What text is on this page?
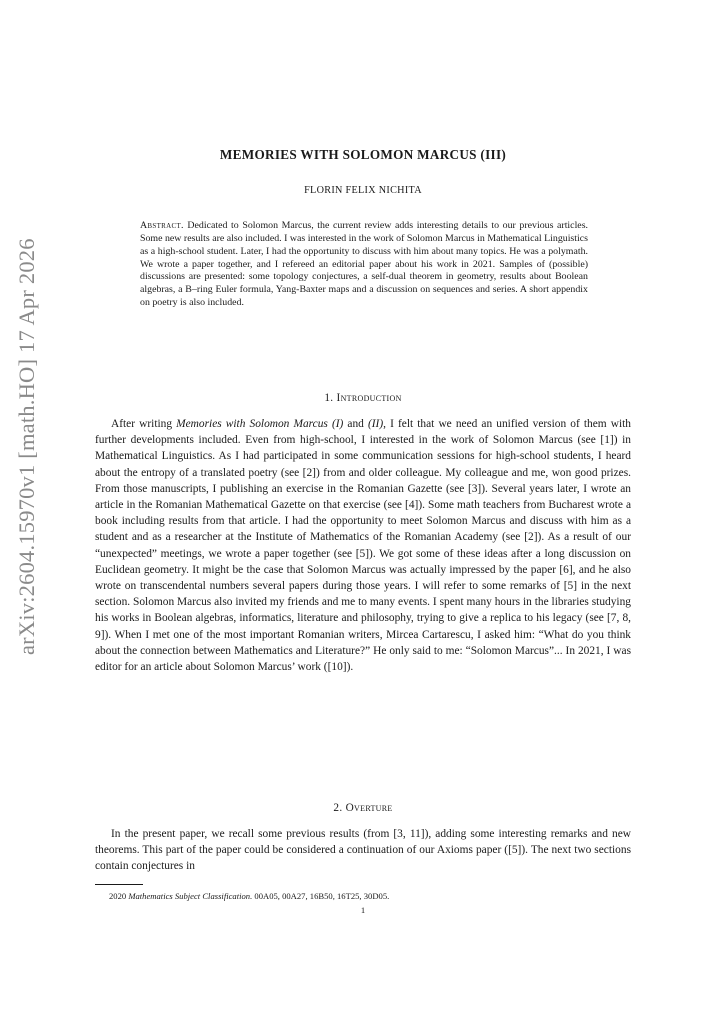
arXiv:2604.15970v1 [math.HO] 17 Apr 2026
MEMORIES WITH SOLOMON MARCUS (III)
FLORIN FELIX NICHITA
Abstract. Dedicated to Solomon Marcus, the current review adds interesting details to our previous articles. Some new results are also included. I was interested in the work of Solomon Marcus in Mathematical Linguistics as a high-school student. Later, I had the opportunity to discuss with him about many topics. He was a polymath. We wrote a paper together, and I refereed an editorial paper about his work in 2021. Samples of (possible) discussions are presented: some topology conjectures, a self-dual theorem in geometry, results about Boolean algebras, a B–ring Euler formula, Yang-Baxter maps and a discussion on sequences and series. A short appendix on poetry is also included.
1. Introduction

After writing Memories with Solomon Marcus (I) and (II), I felt that we need an unified version of them with further developments included. Even from high-school, I interested in the work of Solomon Marcus (see [1]) in Mathematical Linguistics. As I had participated in some communication sessions for high-school students, I heard about the entropy of a translated poetry (see [2]) from and older colleague. My colleague and me, won good prizes. From those manuscripts, I publishing an exercise in the Romanian Gazette (see [3]). Several years later, I wrote an article in the Romanian Mathematical Gazette on that exercise (see [4]). Some math teachers from Bucharest wrote a book including results from that article. I had the opportunity to meet Solomon Marcus and discuss with him as a student and as a researcher at the Institute of Mathematics of the Romanian Academy (see [2]). As a result of our “unexpected” meetings, we wrote a paper together (see [5]). We got some of these ideas after a long discussion on Euclidean geometry. It might be the case that Solomon Marcus was actually impressed by the paper [6], and he also wrote on transcendental numbers several papers during those years. I will refer to some remarks of [5] in the next section. Solomon Marcus also invited my friends and me to many events. I spent many hours in the libraries studying his works in Boolean algebras, informatics, literature and philosophy, trying to give a replica to his legacy (see [7, 8, 9]). When I met one of the most important Romanian writers, Mircea Cartarescu, I asked him: “What do you think about the connection between Mathematics and Literature?” He only said to me: “Solomon Marcus”... In 2021, I was editor for an article about Solomon Marcus’ work ([10]).

2. Overture

In the present paper, we recall some previous results (from [3, 11]), adding some interesting remarks and new theorems. This part of the paper could be considered a continuation of our Axioms paper ([5]). The next two sections contain conjectures in

2020 Mathematics Subject Classification. 00A05, 00A27, 16B50, 16T25, 30D05.
1
